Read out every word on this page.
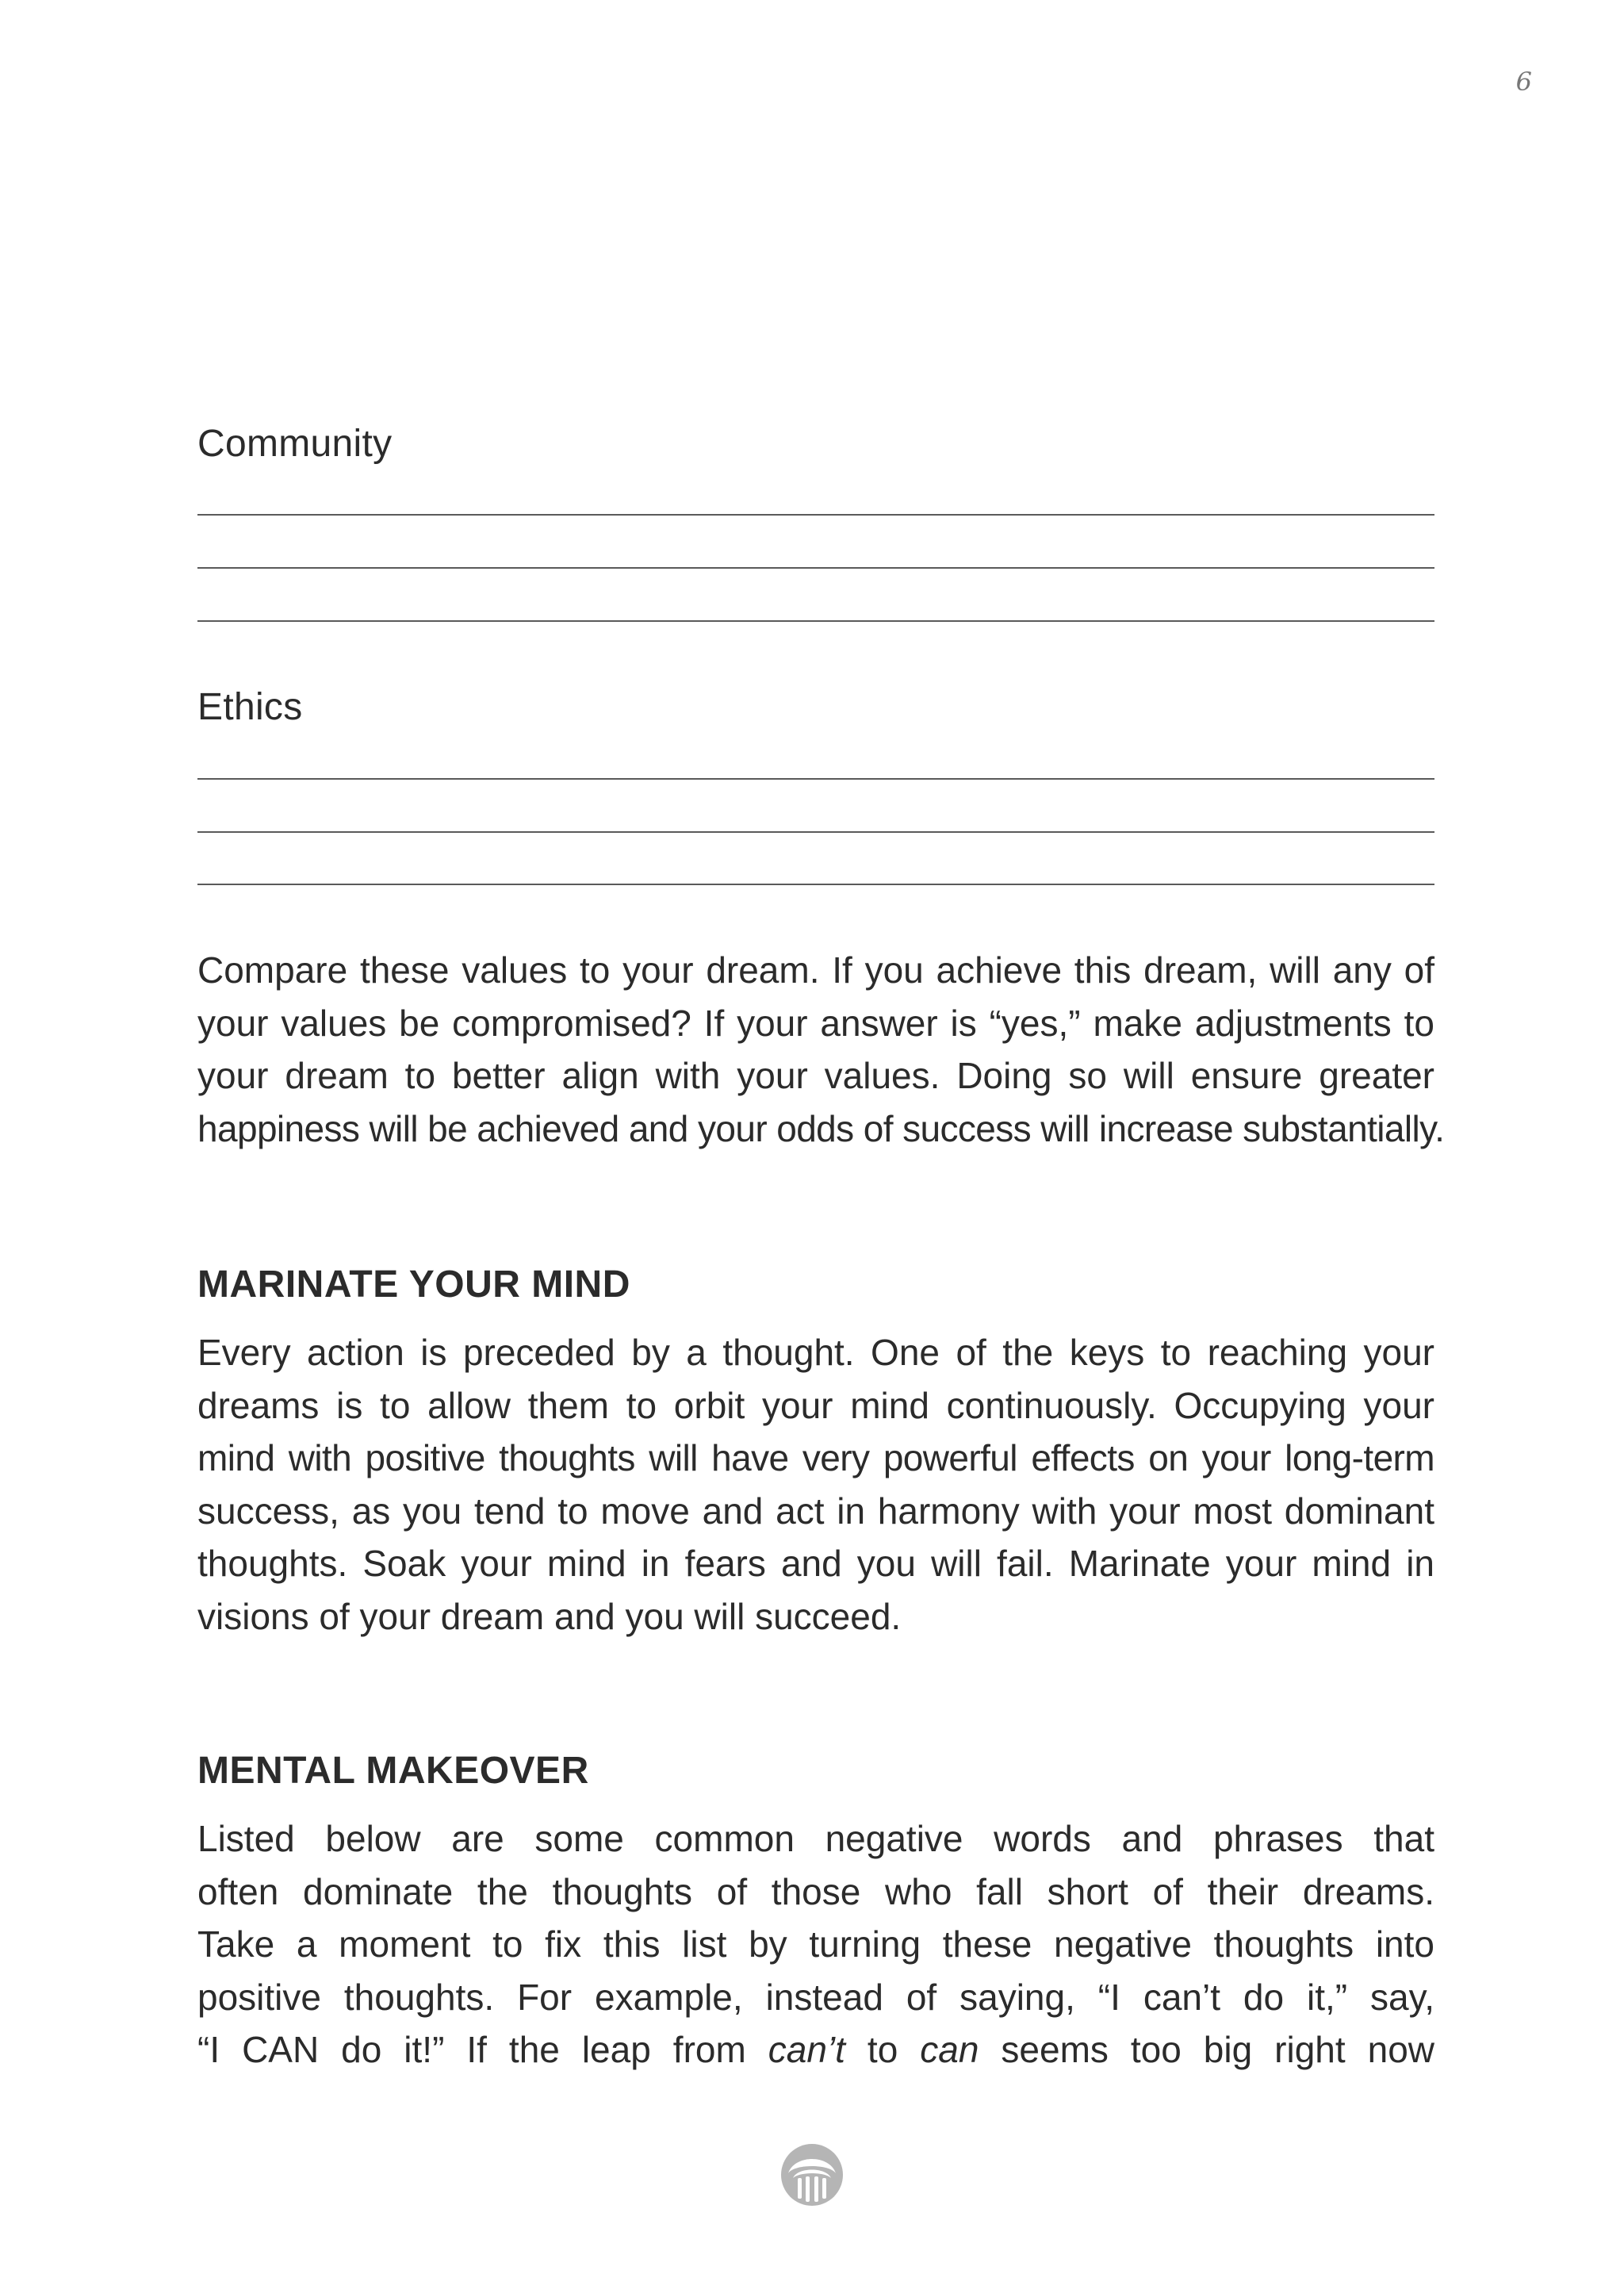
6
Community
Ethics
Compare these values to your dream. If you achieve this dream, will any of
your values be compromised? If your answer is “yes,” make adjustments to
your dream to better align with your values. Doing so will ensure greater
happiness will be achieved and your odds of success will increase substantially.
MARINATE YOUR MIND
Every action is preceded by a thought. One of the keys to reaching your
dreams is to allow them to orbit your mind continuously. Occupying your
mind with positive thoughts will have very powerful effects on your long-term
success, as you tend to move and act in harmony with your most dominant
thoughts. Soak your mind in fears and you will fail. Marinate your mind in
visions of your dream and you will succeed.
MENTAL MAKEOVER
Listed below are some common negative words and phrases that
often dominate the thoughts of those who fall short of their dreams.
Take a moment to fix this list by turning these negative thoughts into
positive thoughts. For example, instead of saying, “I can’t do it,” say,
“I CAN do it!” If the leap from can’t to can seems too big right now
